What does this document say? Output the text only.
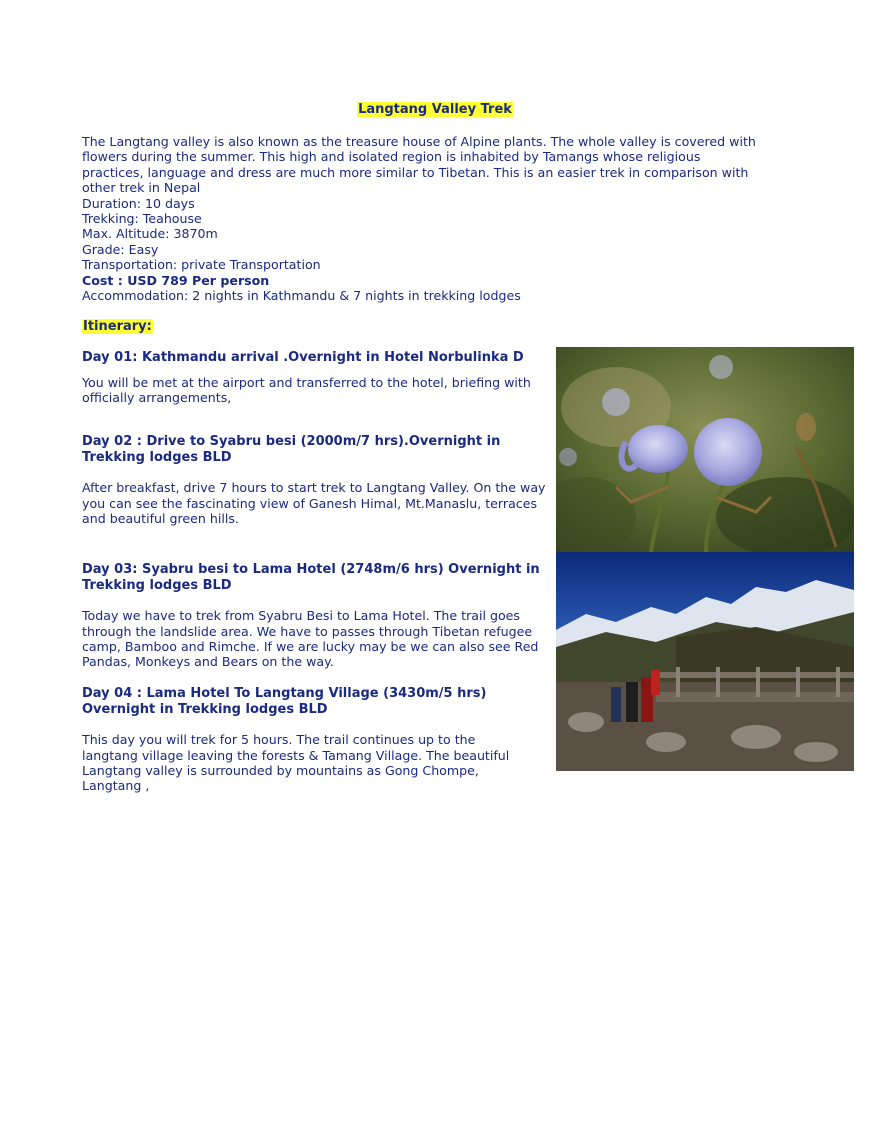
Langtang Valley Trek

The Langtang valley is also known as the treasure house of Alpine plants. The whole valley is covered with flowers during the summer. This high and isolated region is inhabited by Tamangs whose religious practices, language and dress are much more similar to Tibetan. This is an easier trek in comparison with other trek in Nepal

Duration: 10 days

Trekking: Teahouse

Max. Altitude: 3870m

Grade: Easy

Transportation: private Transportation

Cost : USD 789 Per person

Accommodation: 2 nights in Kathmandu & 7 nights in trekking lodges

Itinerary:
Day 01: Kathmandu arrival .Overnight in Hotel Norbulinka D

You will be met at the airport and transferred to the hotel, briefing with officially arrangements,

Day 02 : Drive to Syabru besi (2000m/7 hrs).Overnight in Trekking lodges BLD

After breakfast, drive 7 hours to start trek to Langtang Valley. On the way you can see the fascinating view of Ganesh Himal, Mt.Manaslu, terraces and beautiful green hills.

Day 03: Syabru besi to Lama Hotel (2748m/6 hrs) Overnight in Trekking lodges BLD

Today we have to trek from Syabru Besi to Lama Hotel. The trail goes through the landslide area. We have to passes through Tibetan refugee camp, Bamboo and Rimche. If we are lucky may be we can also see Red Pandas, Monkeys and Bears on the way.

Day 04 : Lama Hotel To Langtang Village (3430m/5 hrs) Overnight in Trekking lodges BLD

This day you will trek for 5 hours. The trail continues up to the langtang village leaving the forests & Tamang Village. The beautiful Langtang valley is surrounded by mountains as Gong Chompe, Langtang ,
